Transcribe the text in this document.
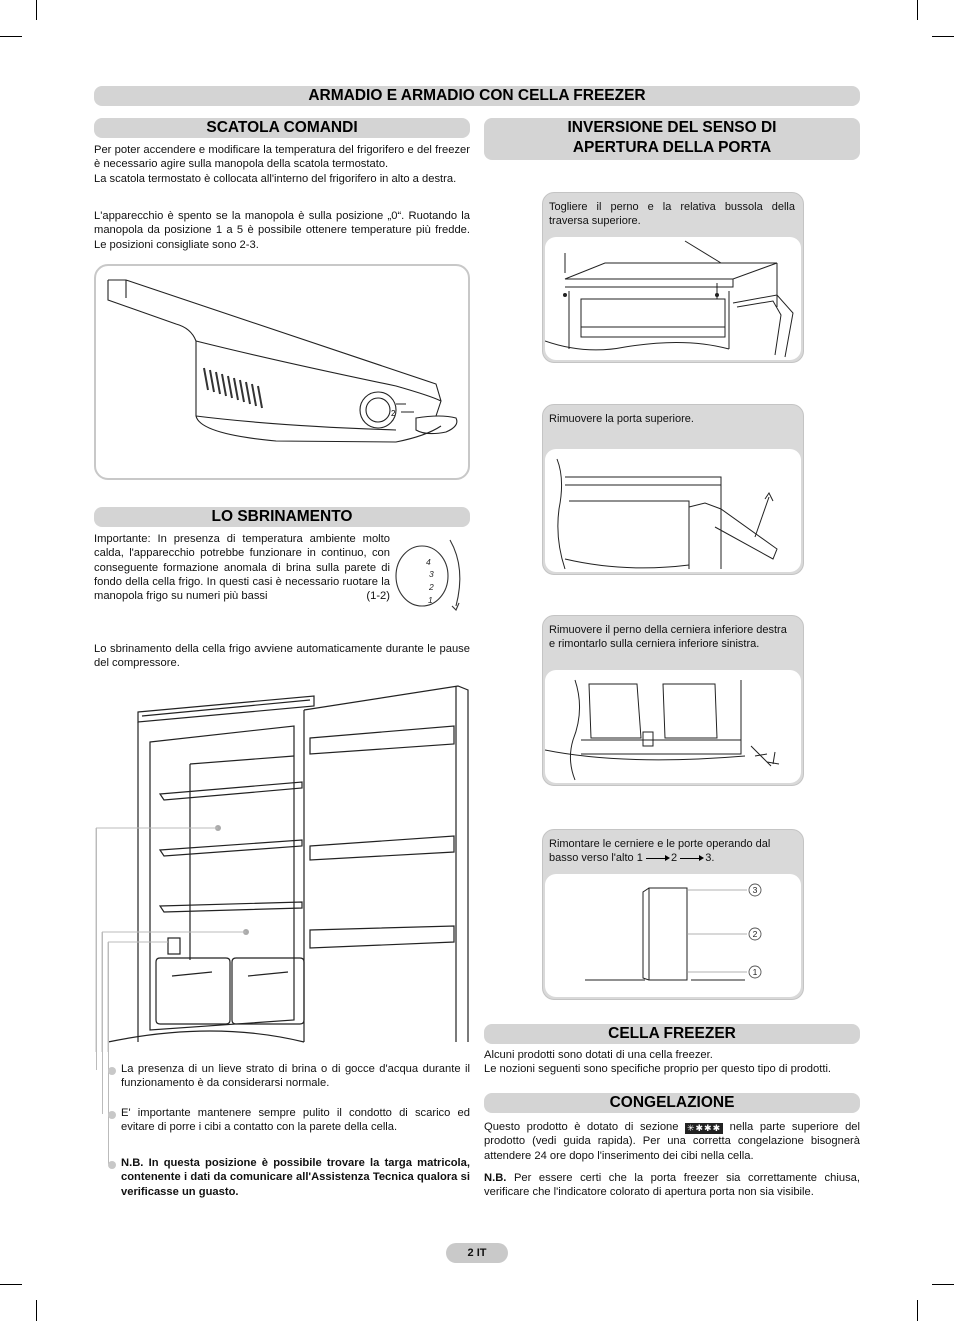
ARMADIO E ARMADIO CON CELLA FREEZER
SCATOLA COMANDI

Per poter accendere e modificare la temperatura del frigorifero e del freezer è necessario agire sulla manopola della scatola termostato.

La scatola termostato è collocata all'interno del frigorifero in alto a destra.

L'apparecchio è spento se la manopola è sulla posizione „0“. Ruotando la manopola da posizione 1 a 5 è possibile ottenere temperature più fredde. Le posizioni consigliate sono 2-3.

2
LO SBRINAMENTO

Importante: In presenza di temperatura ambiente molto calda, l'apparecchio potrebbe funzionare in continuo, con conseguente formazione anomala di brina sulla parete di fondo della cella frigo. In questi casi è necessario ruotare la manopola frigo su numeri più bassi	(1-2)

4
3
2
1

Lo sbrinamento della cella frigo avviene automaticamente durante le pause del compressore.

La presenza di un lieve strato di brina o di gocce d'acqua durante il funzionamento è da considerarsi normale.

E' importante mantenere sempre pulito il condotto di scarico ed evitare di porre i cibi a contatto con la parete della cella.

N.B. In questa posizione è possibile trovare la targa matricola, contenente i dati da comunicare all'Assistenza Tecnica qualora si verificasse un guasto.

INVERSIONE DEL SENSO DI
APERTURA DELLA PORTA
Togliere il perno e la relativa bussola della traversa superiore.
Rimuovere la porta superiore.
Rimuovere il perno della cerniera inferiore destra e rimontarlo sulla cerniera inferiore sinistra.
Rimontare le cerniere e le porte operando dal basso verso l'alto 1	2	3.
3
2
1
CELLA FREEZER

Alcuni prodotti sono dotati di una cella freezer.

Le nozioni seguenti sono specifiche proprio per questo tipo di prodotti.

CONGELAZIONE

Questo prodotto è dotato di sezione ✳✱✱✱ nella parte superiore del prodotto (vedi guida rapida). Per una corretta congelazione bisognerà attendere 24 ore dopo l'inserimento dei cibi nella cella.

N.B. Per essere certi che la porta freezer sia correttamente chiusa, verificare che l'indicatore colorato di apertura porta non sia visibile.

2 IT
